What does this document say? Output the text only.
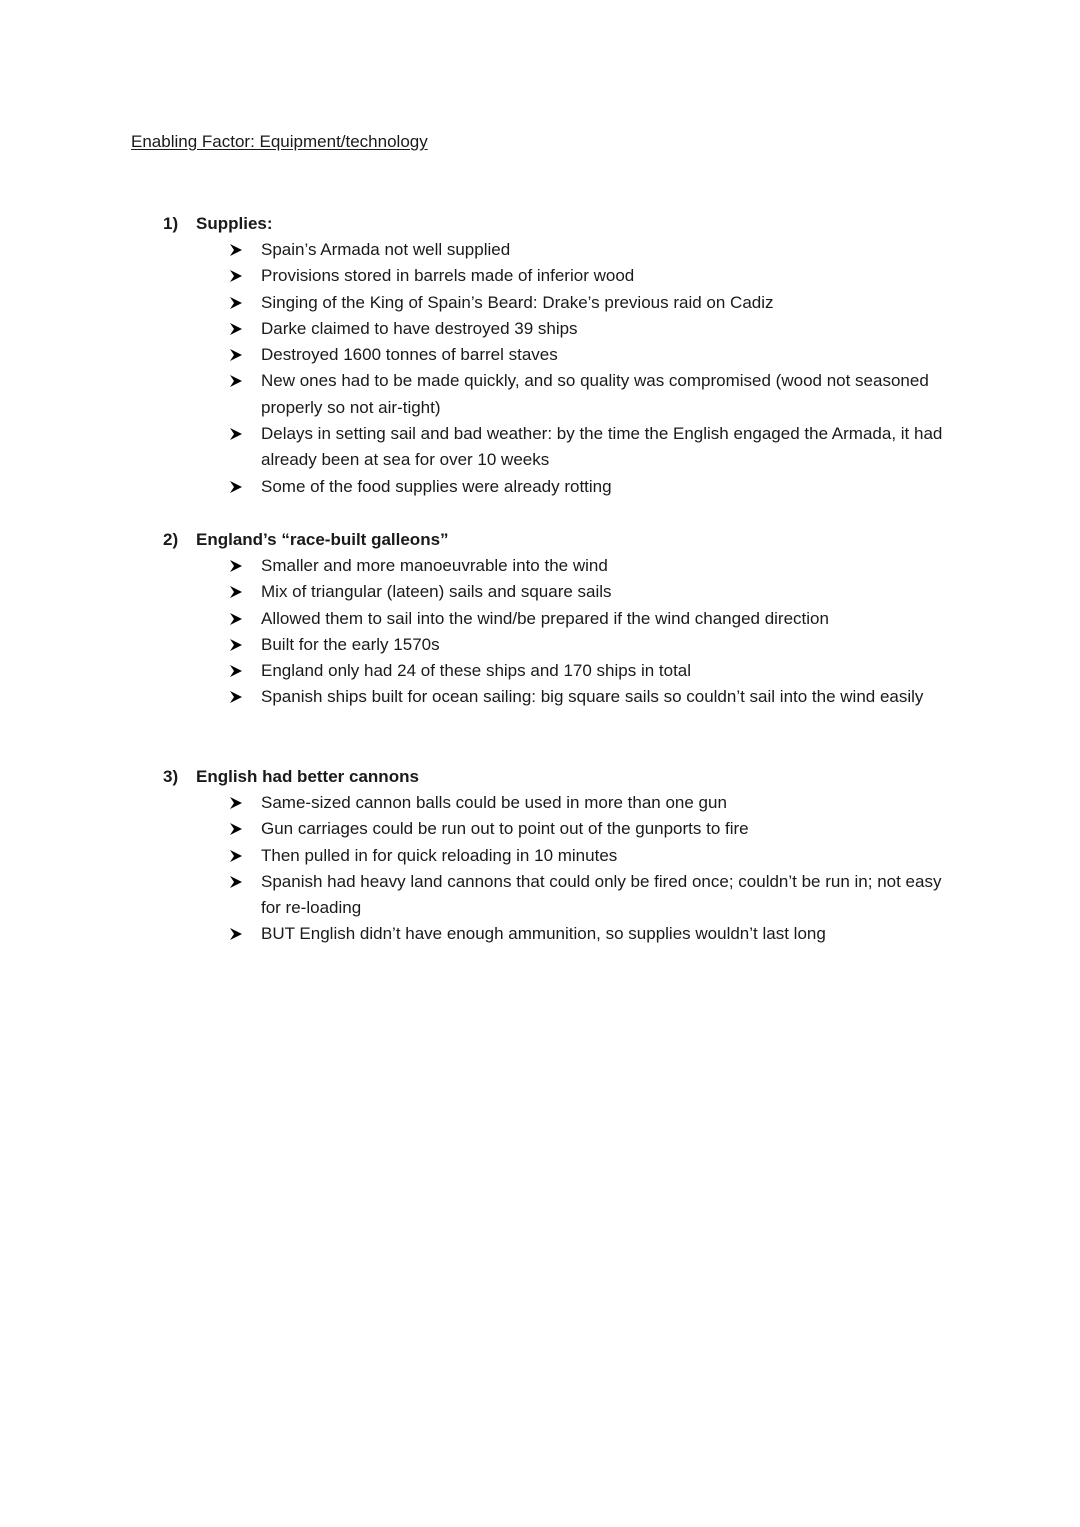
Enabling Factor: Equipment/technology
1)	Supplies:
Spain’s Armada not well supplied
Provisions stored in barrels made of inferior wood
Singing of the King of Spain’s Beard: Drake’s previous raid on Cadiz
Darke claimed to have destroyed 39 ships
Destroyed 1600 tonnes of barrel staves
New ones had to be made quickly, and so quality was compromised (wood not seasoned properly so not air-tight)
Delays in setting sail and bad weather: by the time the English engaged the Armada, it had already been at sea for over 10 weeks
Some of the food supplies were already rotting
2)	England’s “race-built galleons”
Smaller and more manoeuvrable into the wind
Mix of triangular (lateen) sails and square sails
Allowed them to sail into the wind/be prepared if the wind changed direction
Built for the early 1570s
England only had 24 of these ships and 170 ships in total
Spanish ships built for ocean sailing: big square sails so couldn’t sail into the wind easily
3)	English had better cannons
Same-sized cannon balls could be used in more than one gun
Gun carriages could be run out to point out of the gunports to fire
Then pulled in for quick reloading in 10 minutes
Spanish had heavy land cannons that could only be fired once; couldn’t be run in; not easy for re-loading
BUT English didn’t have enough ammunition, so supplies wouldn’t last long
